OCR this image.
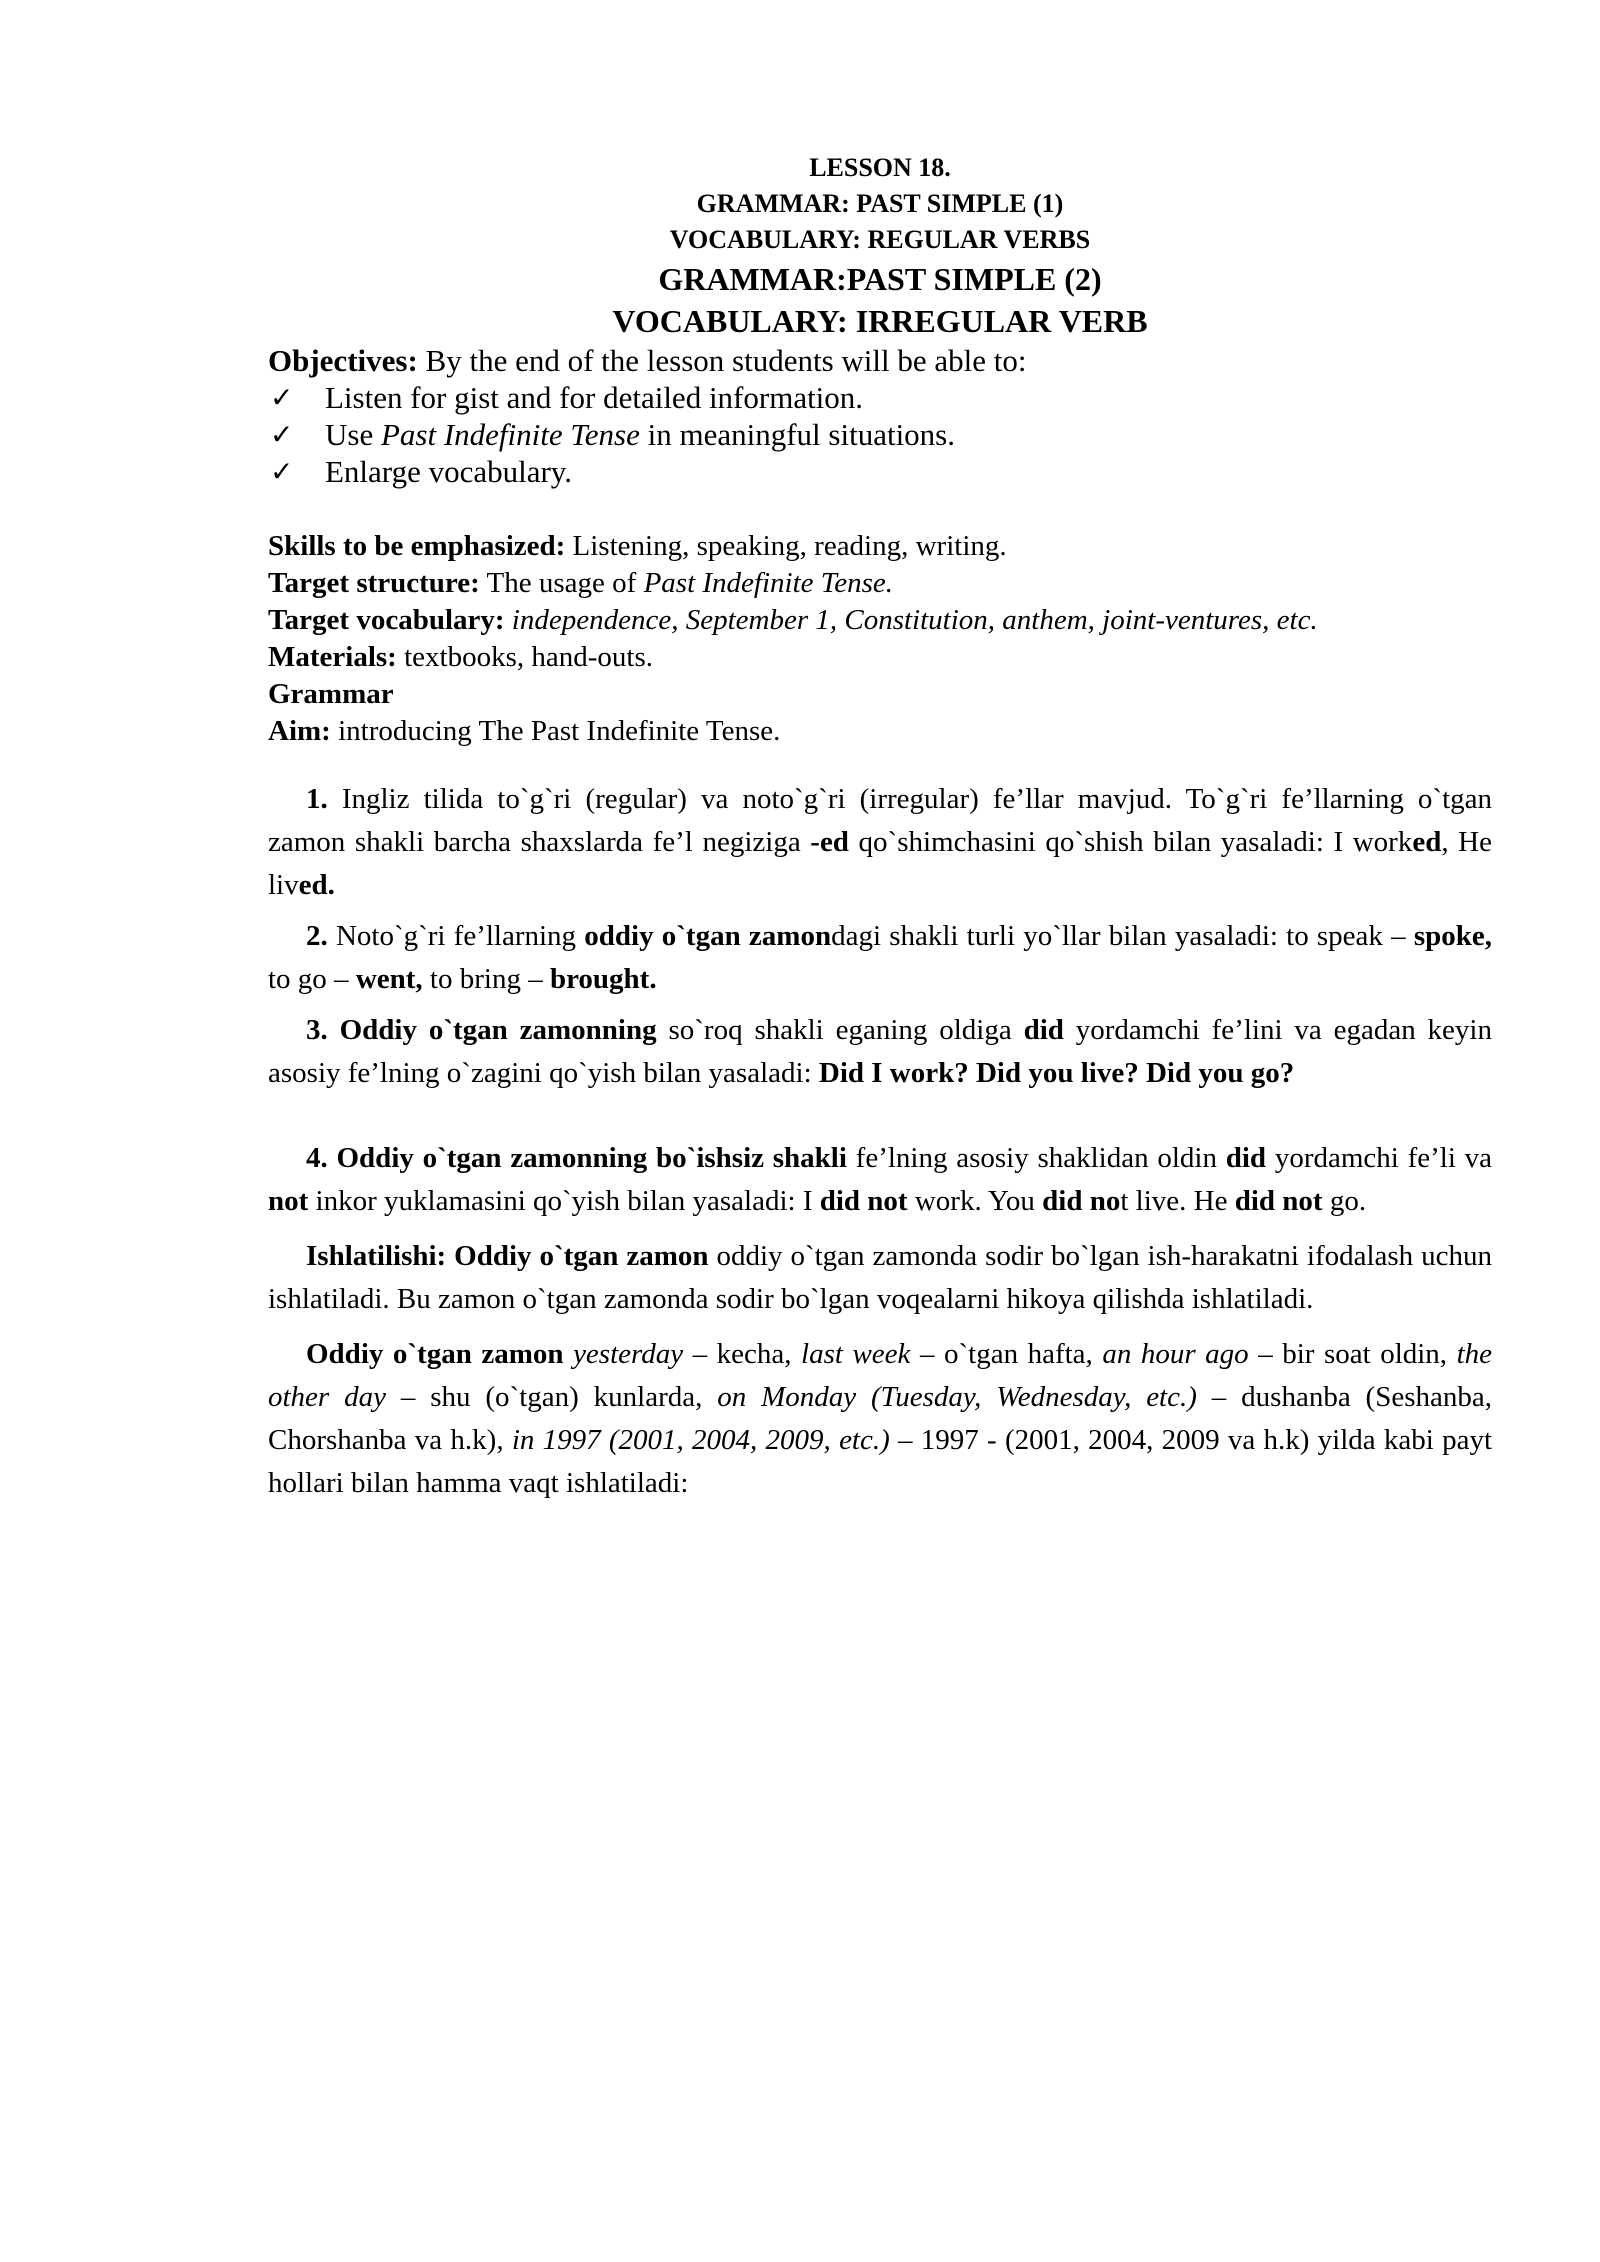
LESSON 18.
GRAMMAR: PAST SIMPLE (1)
VOCABULARY: REGULAR VERBS
GRAMMAR:PAST SIMPLE (2)
VOCABULARY: IRREGULAR VERB
Objectives: By the end of the lesson students will be able to:
✓ Listen for gist and for detailed information.
✓ Use Past Indefinite Tense in meaningful situations.
✓ Enlarge vocabulary.
Skills to be emphasized: Listening, speaking, reading, writing.
Target structure: The usage of Past Indefinite Tense.
Target vocabulary: independence, September 1, Constitution, anthem, joint-ventures, etc.
Materials: textbooks, hand-outs.
Grammar
Aim: introducing The Past Indefinite Tense.

1. Ingliz tilida to`g`ri (regular) va noto`g`ri (irregular) fe’llar mavjud. To`g`ri fe’llarning o`tgan zamon shakli barcha shaxslarda fe’l negiziga -ed qo`shimchasini qo`shish bilan yasaladi: I worked, He lived.

2. Noto`g`ri fe’llarning oddiy o`tgan zamondagi shakli turli yo`llar bilan yasaladi: to speak – spoke, to go – went, to bring – brought.

3. Oddiy o`tgan zamonning so`roq shakli eganing oldiga did yordamchi fe’lini va egadan keyin asosiy fe’lning o`zagini qo`yish bilan yasaladi: Did I work? Did you live? Did you go?

4. Oddiy o`tgan zamonning bo`ishsiz shakli fe’lning asosiy shaklidan oldin did yordamchi fe’li va not inkor yuklamasini qo`yish bilan yasaladi: I did not work. You did not live. He did not go.

Ishlatilishi: Oddiy o`tgan zamon oddiy o`tgan zamonda sodir bo`lgan ish-harakatni ifodalash uchun ishlatiladi. Bu zamon o`tgan zamonda sodir bo`lgan voqealarni hikoya qilishda ishlatiladi.

Oddiy o`tgan zamon yesterday – kecha, last week – o`tgan hafta, an hour ago – bir soat oldin, the other day – shu (o`tgan) kunlarda, on Monday (Tuesday, Wednesday, etc.) – dushanba (Seshanba, Chorshanba va h.k), in 1997 (2001, 2004, 2009, etc.) – 1997 - (2001, 2004, 2009 va h.k) yilda kabi payt hollari bilan hamma vaqt ishlatiladi:
